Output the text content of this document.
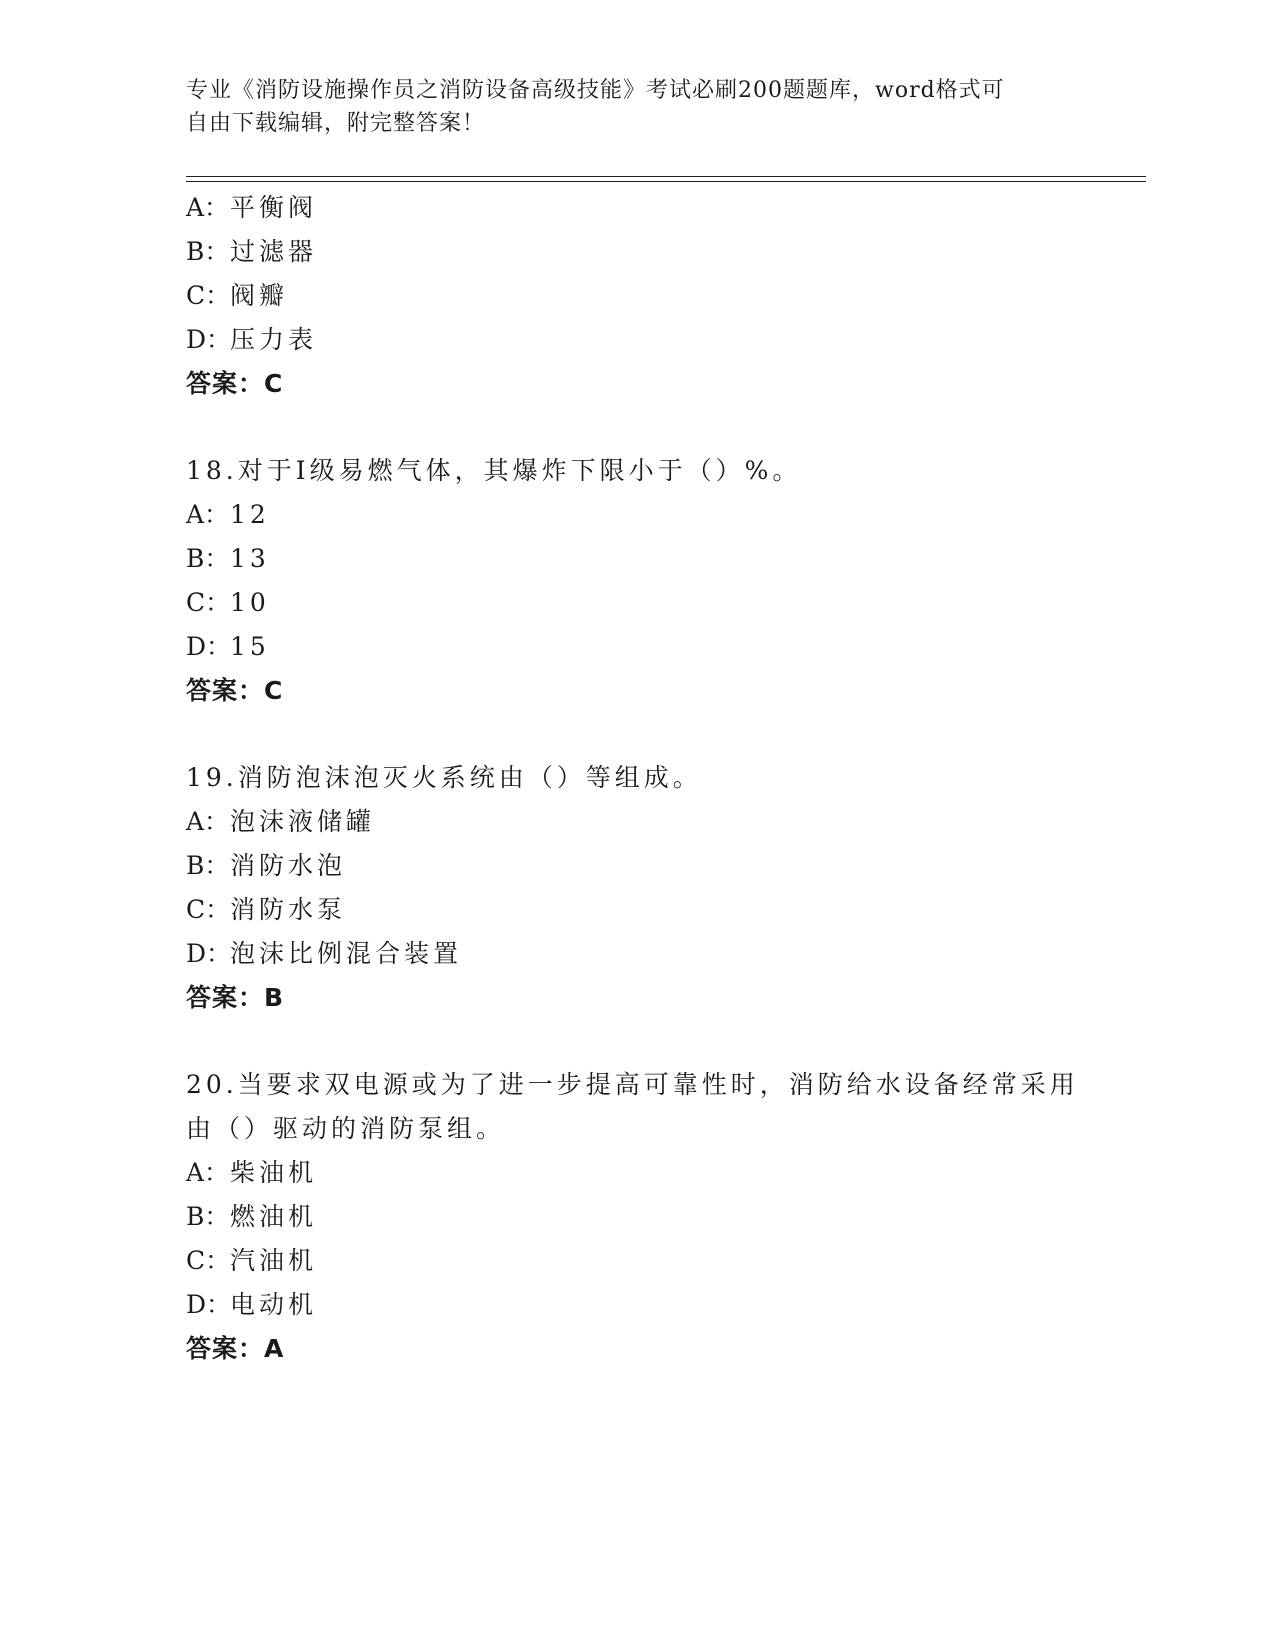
专业《消防设施操作员之消防设备高级技能》考试必刷200题题库，word格式可
自由下载编辑，附完整答案！
A：平衡阀
B：过滤器
C：阀瓣
D：压力表
答案：C
18.对于Ⅰ级易燃气体，其爆炸下限小于（）%。
A：12
B：13
C：10
D：15
答案：C
19.消防泡沫泡灭火系统由（）等组成。
A：泡沫液储罐
B：消防水泡
C：消防水泵
D：泡沫比例混合装置
答案：B
20.当要求双电源或为了进一步提高可靠性时，消防给水设备经常采用
由（）驱动的消防泵组。
A：柴油机
B：燃油机
C：汽油机
D：电动机
答案：A
